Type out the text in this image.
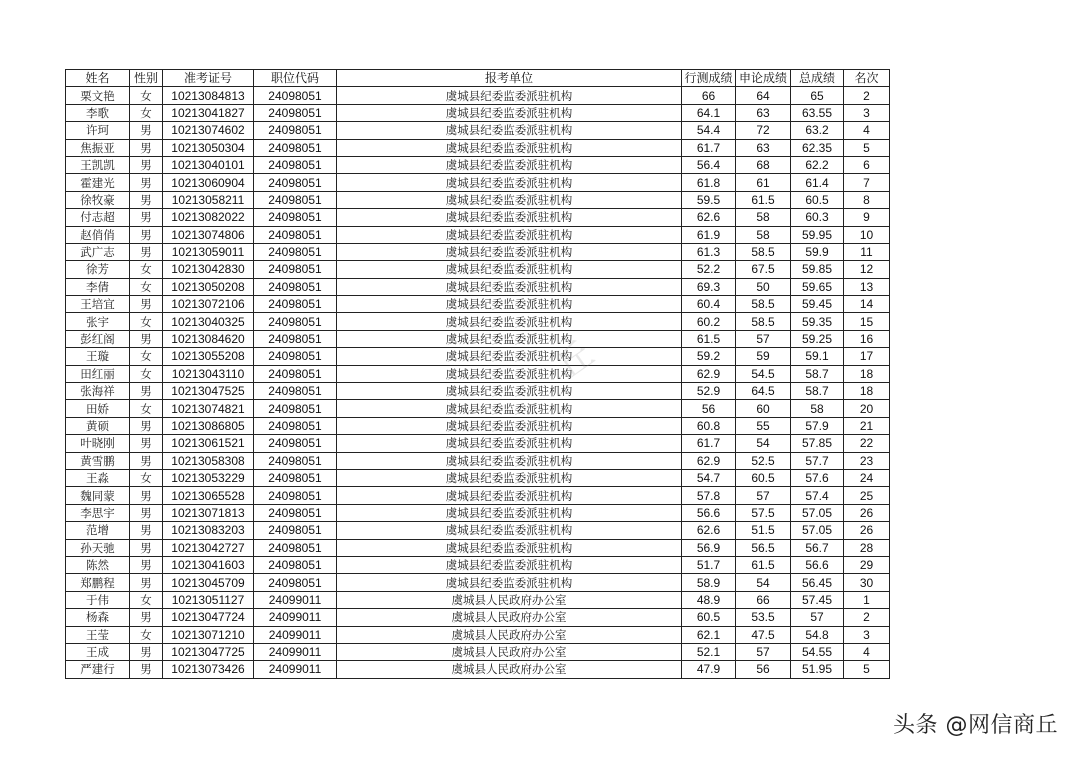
姓名	性别	准考证号	职位代码	报考单位	行测成绩	申论成绩	总成绩	名次
栗文艳	女	10213084813	24098051	虞城县纪委监委派驻机构	66	64	65	2
李歌	女	10213041827	24098051	虞城县纪委监委派驻机构	64.1	63	63.55	3
许珂	男	10213074602	24098051	虞城县纪委监委派驻机构	54.4	72	63.2	4
焦振亚	男	10213050304	24098051	虞城县纪委监委派驻机构	61.7	63	62.35	5
王凯凯	男	10213040101	24098051	虞城县纪委监委派驻机构	56.4	68	62.2	6
霍建光	男	10213060904	24098051	虞城县纪委监委派驻机构	61.8	61	61.4	7
徐牧豪	男	10213058211	24098051	虞城县纪委监委派驻机构	59.5	61.5	60.5	8
付志超	男	10213082022	24098051	虞城县纪委监委派驻机构	62.6	58	60.3	9
赵俏俏	男	10213074806	24098051	虞城县纪委监委派驻机构	61.9	58	59.95	10
武广志	男	10213059011	24098051	虞城县纪委监委派驻机构	61.3	58.5	59.9	11
徐芳	女	10213042830	24098051	虞城县纪委监委派驻机构	52.2	67.5	59.85	12
李倩	女	10213050208	24098051	虞城县纪委监委派驻机构	69.3	50	59.65	13
王培宜	男	10213072106	24098051	虞城县纪委监委派驻机构	60.4	58.5	59.45	14
张宇	女	10213040325	24098051	虞城县纪委监委派驻机构	60.2	58.5	59.35	15
彭红阁	男	10213084620	24098051	虞城县纪委监委派驻机构	61.5	57	59.25	16
王璇	女	10213055208	24098051	虞城县纪委监委派驻机构	59.2	59	59.1	17
田红丽	女	10213043110	24098051	虞城县纪委监委派驻机构	62.9	54.5	58.7	18
张海祥	男	10213047525	24098051	虞城县纪委监委派驻机构	52.9	64.5	58.7	18
田娇	女	10213074821	24098051	虞城县纪委监委派驻机构	56	60	58	20
黄硕	男	10213086805	24098051	虞城县纪委监委派驻机构	60.8	55	57.9	21
叶晓刚	男	10213061521	24098051	虞城县纪委监委派驻机构	61.7	54	57.85	22
黄雪鹏	男	10213058308	24098051	虞城县纪委监委派驻机构	62.9	52.5	57.7	23
王淼	女	10213053229	24098051	虞城县纪委监委派驻机构	54.7	60.5	57.6	24
魏同蒙	男	10213065528	24098051	虞城县纪委监委派驻机构	57.8	57	57.4	25
李思宇	男	10213071813	24098051	虞城县纪委监委派驻机构	56.6	57.5	57.05	26
范增	男	10213083203	24098051	虞城县纪委监委派驻机构	62.6	51.5	57.05	26
孙天驰	男	10213042727	24098051	虞城县纪委监委派驻机构	56.9	56.5	56.7	28
陈然	男	10213041603	24098051	虞城县纪委监委派驻机构	51.7	61.5	56.6	29
郑鹏程	男	10213045709	24098051	虞城县纪委监委派驻机构	58.9	54	56.45	30
于伟	女	10213051127	24099011	虞城县人民政府办公室	48.9	66	57.45	1
杨森	男	10213047724	24099011	虞城县人民政府办公室	60.5	53.5	57	2
王莹	女	10213071210	24099011	虞城县人民政府办公室	62.1	47.5	54.8	3
王成	男	10213047725	24099011	虞城县人民政府办公室	52.1	57	54.55	4
严建行	男	10213073426	24099011	虞城县人民政府办公室	47.9	56	51.95	5
丘
头条 @网信商丘
